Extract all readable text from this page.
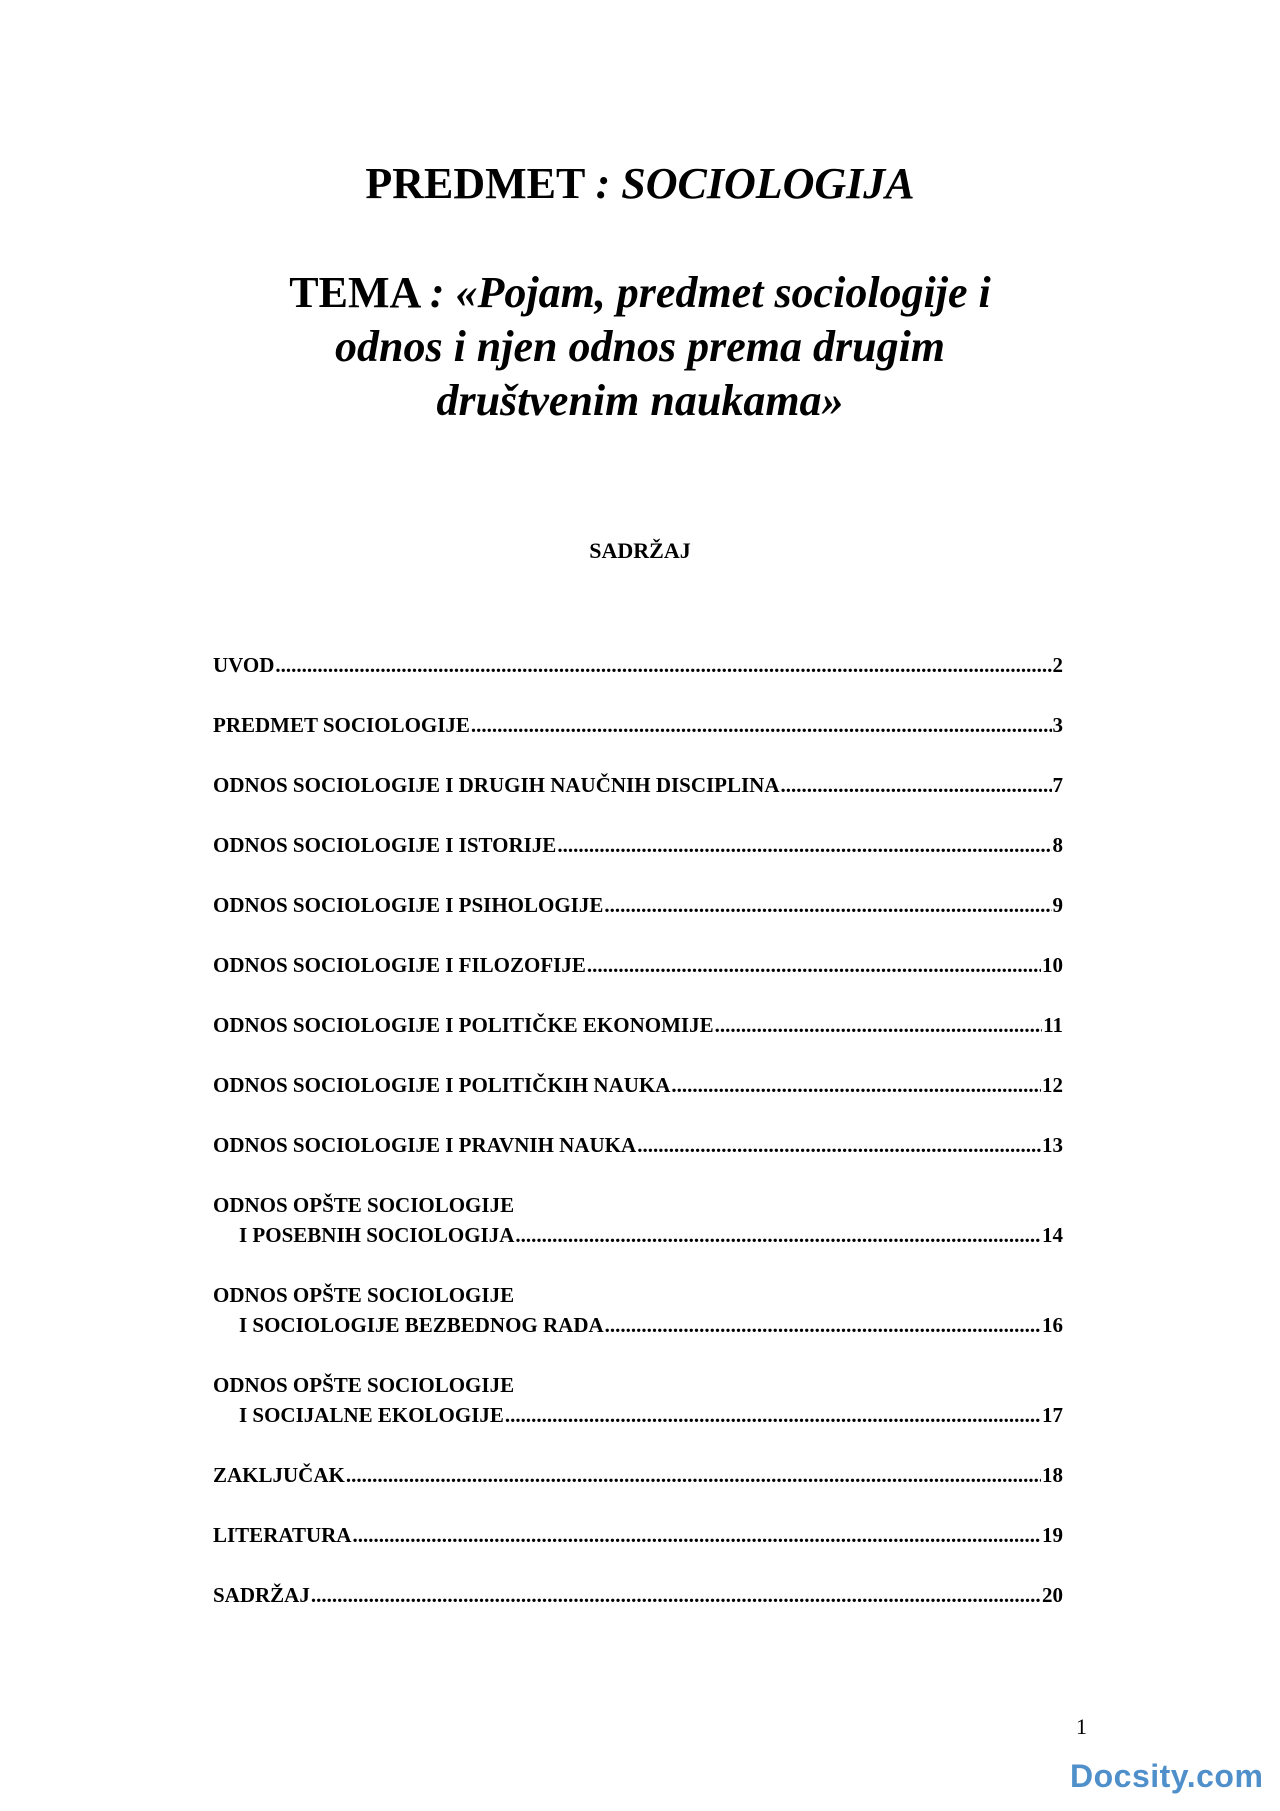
PREDMET : SOCIOLOGIJA
TEMA : «Pojam, predmet sociologije i
odnos i njen odnos prema drugim
društvenim naukama»
SADRŽAJ
UVOD .....	2
PREDMET SOCIOLOGIJE .....	3
ODNOS SOCIOLOGIJE I DRUGIH NAUČNIH DISCIPLINA .....	7
ODNOS SOCIOLOGIJE I ISTORIJE .....	8
ODNOS SOCIOLOGIJE I PSIHOLOGIJE .....	9
ODNOS SOCIOLOGIJE I FILOZOFIJE .....	10
ODNOS SOCIOLOGIJE I POLITIČKE EKONOMIJE .....	11
ODNOS SOCIOLOGIJE I POLITIČKIH NAUKA .....	12
ODNOS SOCIOLOGIJE I PRAVNIH NAUKA .....	13
ODNOS OPŠTE SOCIOLOGIJE
I POSEBNIH SOCIOLOGIJA .....	14
ODNOS OPŠTE SOCIOLOGIJE
I SOCIOLOGIJE BEZBEDNOG RADA .....	16
ODNOS OPŠTE SOCIOLOGIJE
I SOCIJALNE EKOLOGIJE .....	17
ZAKLJUČAK .....	18
LITERATURA .....	19
SADRŽAJ .....	20
1
Docsity.com
